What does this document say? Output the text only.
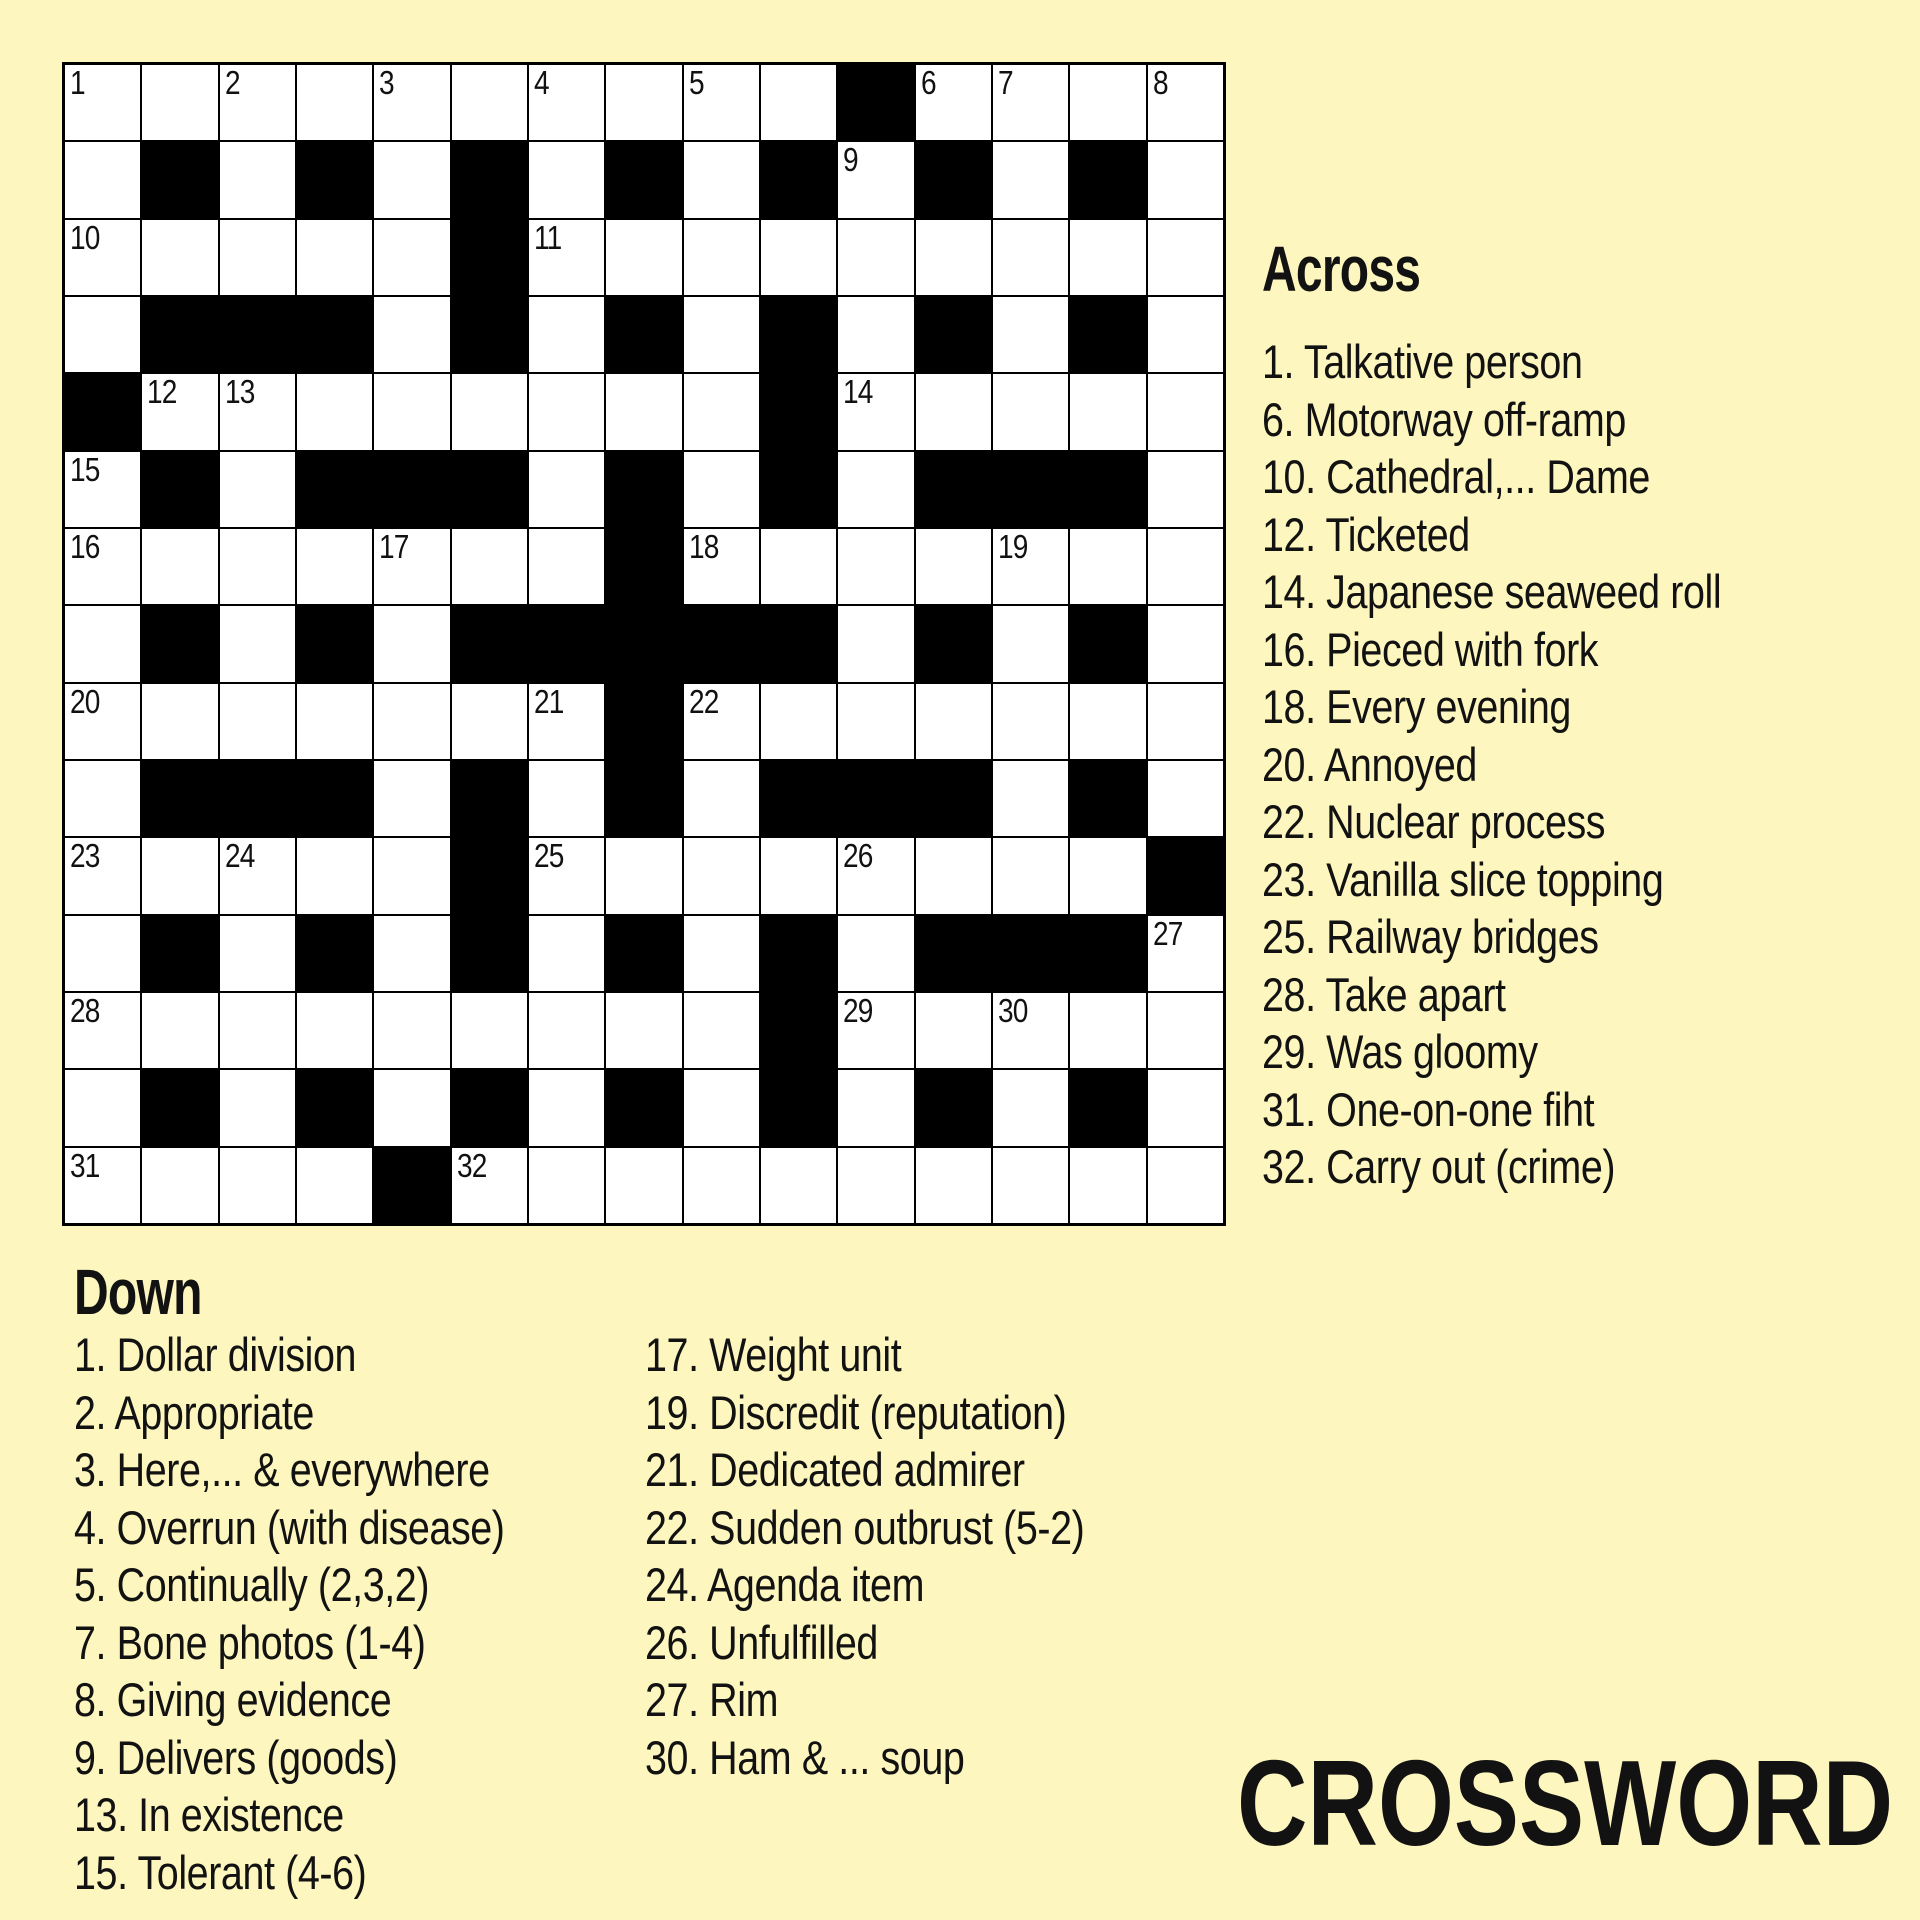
1	2	3	4	5	6 7	8
9
10	11
12 13	14
15
16	17	18	19
20	21	22
23	24	25	26
27
28	29	30
31	32
Across
1. Talkative person
6. Motorway off-ramp
10. Cathedral,... Dame
12. Ticketed
14. Japanese seaweed roll
16. Pieced with fork
18. Every evening
20. Annoyed
22. Nuclear process
23. Vanilla slice topping
25. Railway bridges
28. Take apart
29. Was gloomy
31. One-on-one fiht
32. Carry out (crime)
Down
1. Dollar division
2. Appropriate
3. Here,... & everywhere
4. Overrun (with disease)
5. Continually (2,3,2)
7. Bone photos (1-4)
8. Giving evidence
9. Delivers (goods)
13. In existence
15. Tolerant (4-6)
17. Weight unit
19. Discredit (reputation)
21. Dedicated admirer
22. Sudden outbrust (5-2)
24. Agenda item
26. Unfulfilled
27. Rim
30. Ham & ... soup	CROSSWORD
